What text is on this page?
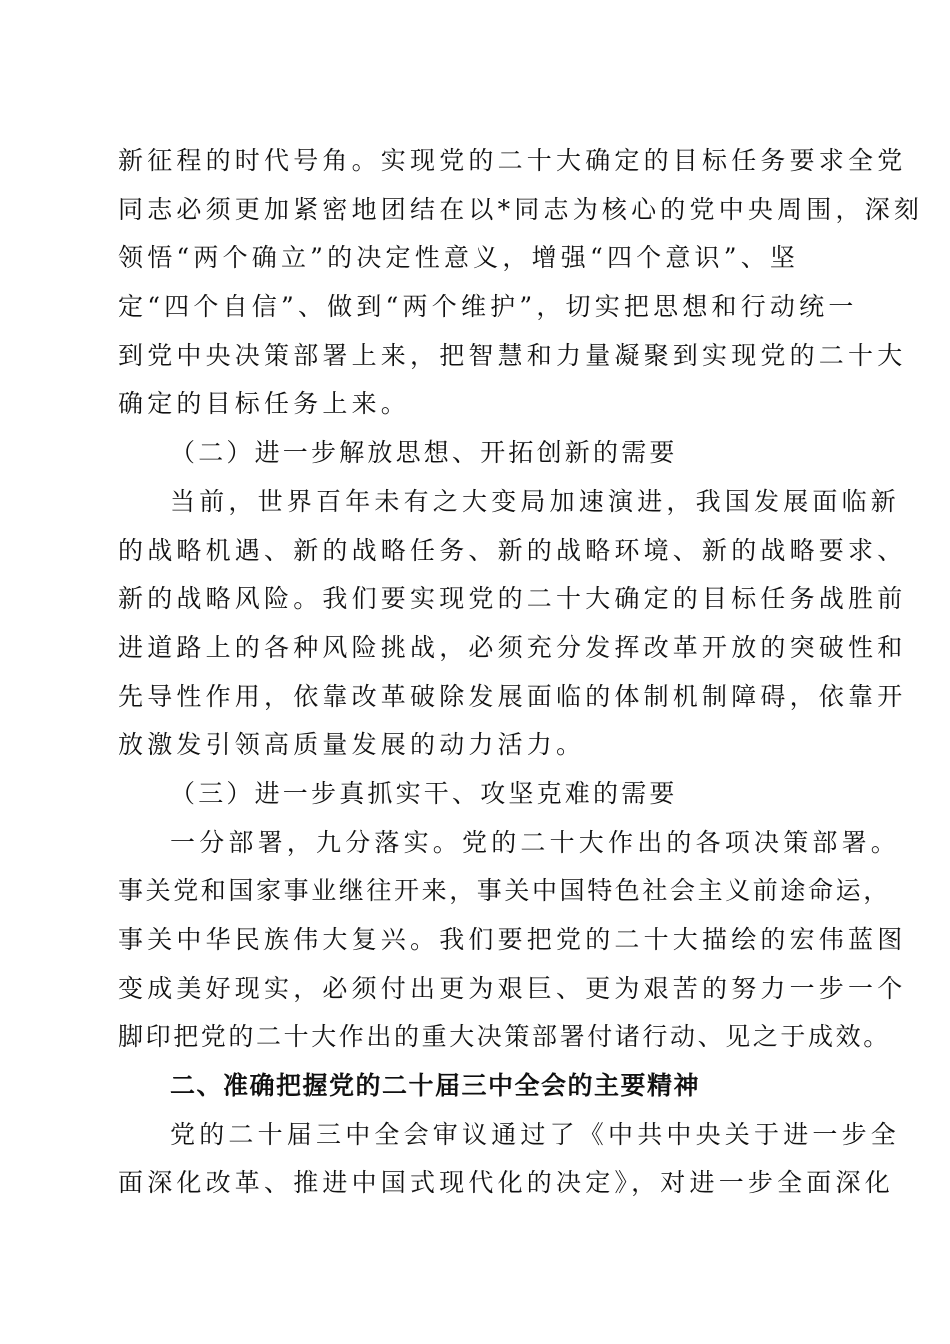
新征程的时代号角。实现党的二十大确定的目标任务要求全党
同志必须更加紧密地团结在以*同志为核心的党中央周围，深刻
领悟“两个确立”的决定性意义，增强“四个意识”、坚
定“四个自信”、做到“两个维护”，切实把思想和行动统一
到党中央决策部署上来，把智慧和力量凝聚到实现党的二十大
确定的目标任务上来。
（二）进一步解放思想、开拓创新的需要
当前，世界百年未有之大变局加速演进，我国发展面临新
的战略机遇、新的战略任务、新的战略环境、新的战略要求、
新的战略风险。我们要实现党的二十大确定的目标任务战胜前
进道路上的各种风险挑战，必须充分发挥改革开放的突破性和
先导性作用，依靠改革破除发展面临的体制机制障碍，依靠开
放激发引领高质量发展的动力活力。
（三）进一步真抓实干、攻坚克难的需要
一分部署，九分落实。党的二十大作出的各项决策部署。
事关党和国家事业继往开来，事关中国特色社会主义前途命运，
事关中华民族伟大复兴。我们要把党的二十大描绘的宏伟蓝图
变成美好现实，必须付出更为艰巨、更为艰苦的努力一步一个
脚印把党的二十大作出的重大决策部署付诸行动、见之于成效。
二、准确把握党的二十届三中全会的主要精神
党的二十届三中全会审议通过了《中共中央关于进一步全
面深化改革、推进中国式现代化的决定》，对进一步全面深化
